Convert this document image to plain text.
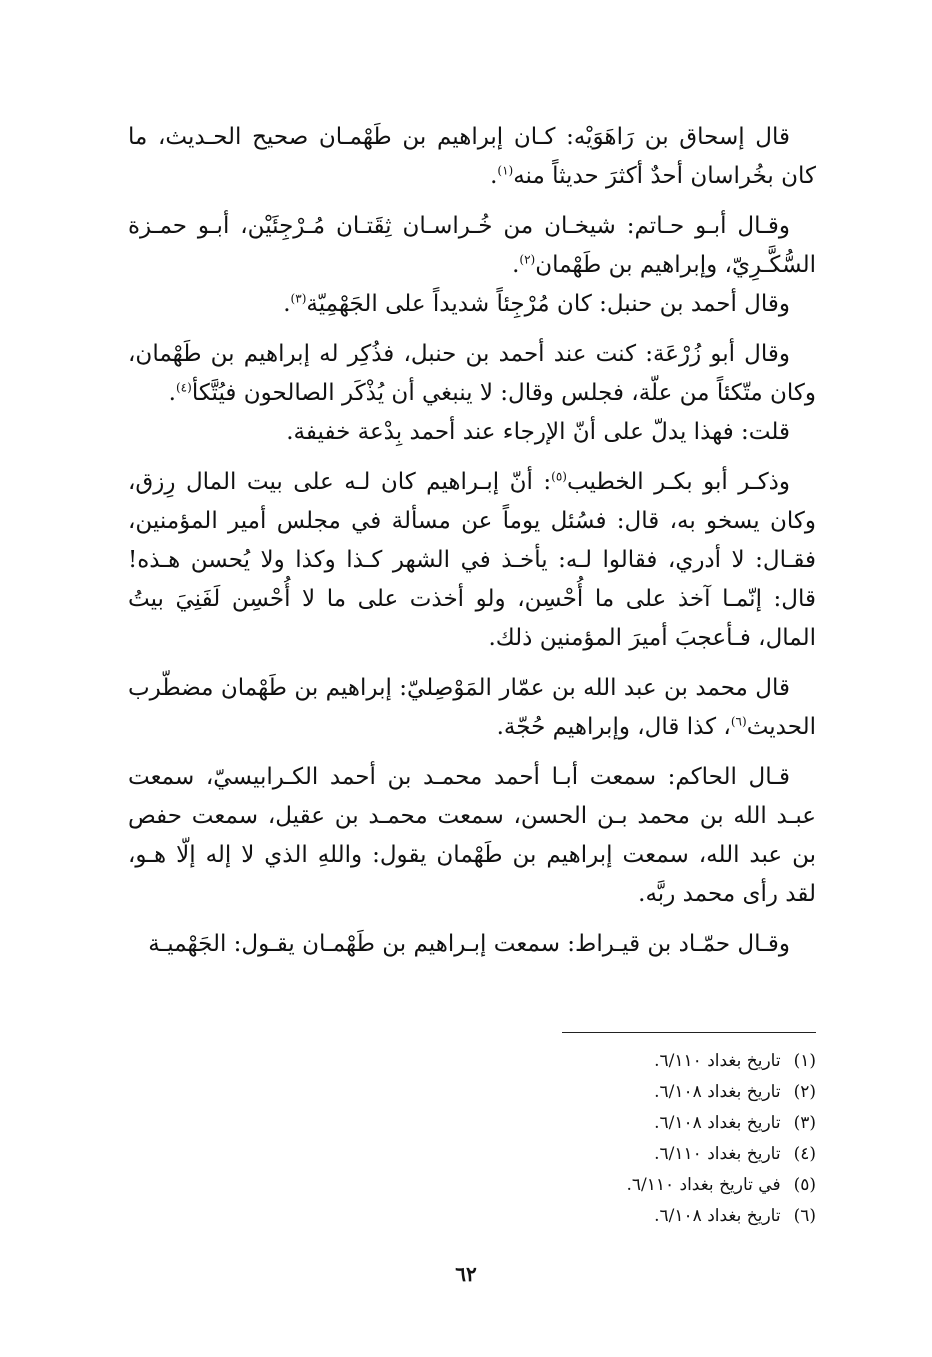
قال إسحاق بن رَاهَوَيْه: كـان إبراهيم بن طَهْمـان صحيح الحـديث، ما كان بخُراسان أحدٌ أكثرَ حديثاً منه$^{(١)}$.

وقـال أبـو حـاتم: شيخـان من خُـراسـان ثِقَتـان مُـرْجِئَيْن، أبـو حمـزة السُّكَّـرِيّ، وإبراهيم بن طَهْمان$^{(٢)}$.

وقال أحمد بن حنبل: كان مُرْجِئاً شديداً على الجَهْمِيّة$^{(٣)}$.

وقال أبو زُرْعَة: كنت عند أحمد بن حنبل، فذُكِر له إبراهيم بن طَهْمان، وكان متّكئاً من علّة، فجلس وقال: لا ينبغي أن يُذْكَر الصالحون فيُتَّكأ$^{(٤)}$.

قلت: فهذا يدلّ على أنّ الإرجاء عند أحمد بِدْعة خفيفة.

وذكـر أبو بكـر الخطيب$^{(٥)}$: أنّ إبـراهيم كان لـه على بيت المال رِزق، وكان يسخو به، قال: فسُئل يوماً عن مسألة في مجلس أمير المؤمنين، فقـال: لا أدري، فقالوا لـه: يأخـذ في الشهر كـذا وكذا ولا يُحسن هـذه! قال: إنّمـا آخذ على ما أُحْسِن، ولو أخذت على ما لا أُحْسِن لَفَنِيَ بيتُ المال، فـأعجبَ أميرَ المؤمنين ذلك.

قال محمد بن عبد الله بن عمّار المَوْصِليّ: إبراهيم بن طَهْمان مضطّرب الحديث$^{(٦)}$، كذا قال، وإبراهيم حُجّة.

قـال الحاكم: سمعت أبـا أحمد محمـد بن أحمد الكـرابيسيّ، سمعت عبـد الله بن محمد بـن الحسن، سمعت محمـد بن عقيل، سمعت حفص بن عبد الله، سمعت إبراهيم بن طَهْمان يقول: واللهِ الذي لا إله إلّا هـو، لقد رأى محمد ربَّه.

وقـال حمّـاد بن قيـراط: سمعت إبـراهيم بن طَهْمـان يقـول: الجَهْميـة

(١) تاريخ بغداد ٦/١١٠.
(٢) تاريخ بغداد ٦/١٠٨.
(٣) تاريخ بغداد ٦/١٠٨.
(٤) تاريخ بغداد ٦/١١٠.
(٥) في تاريخ بغداد ٦/١١٠.
(٦) تاريخ بغداد ٦/١٠٨.
٦٢
